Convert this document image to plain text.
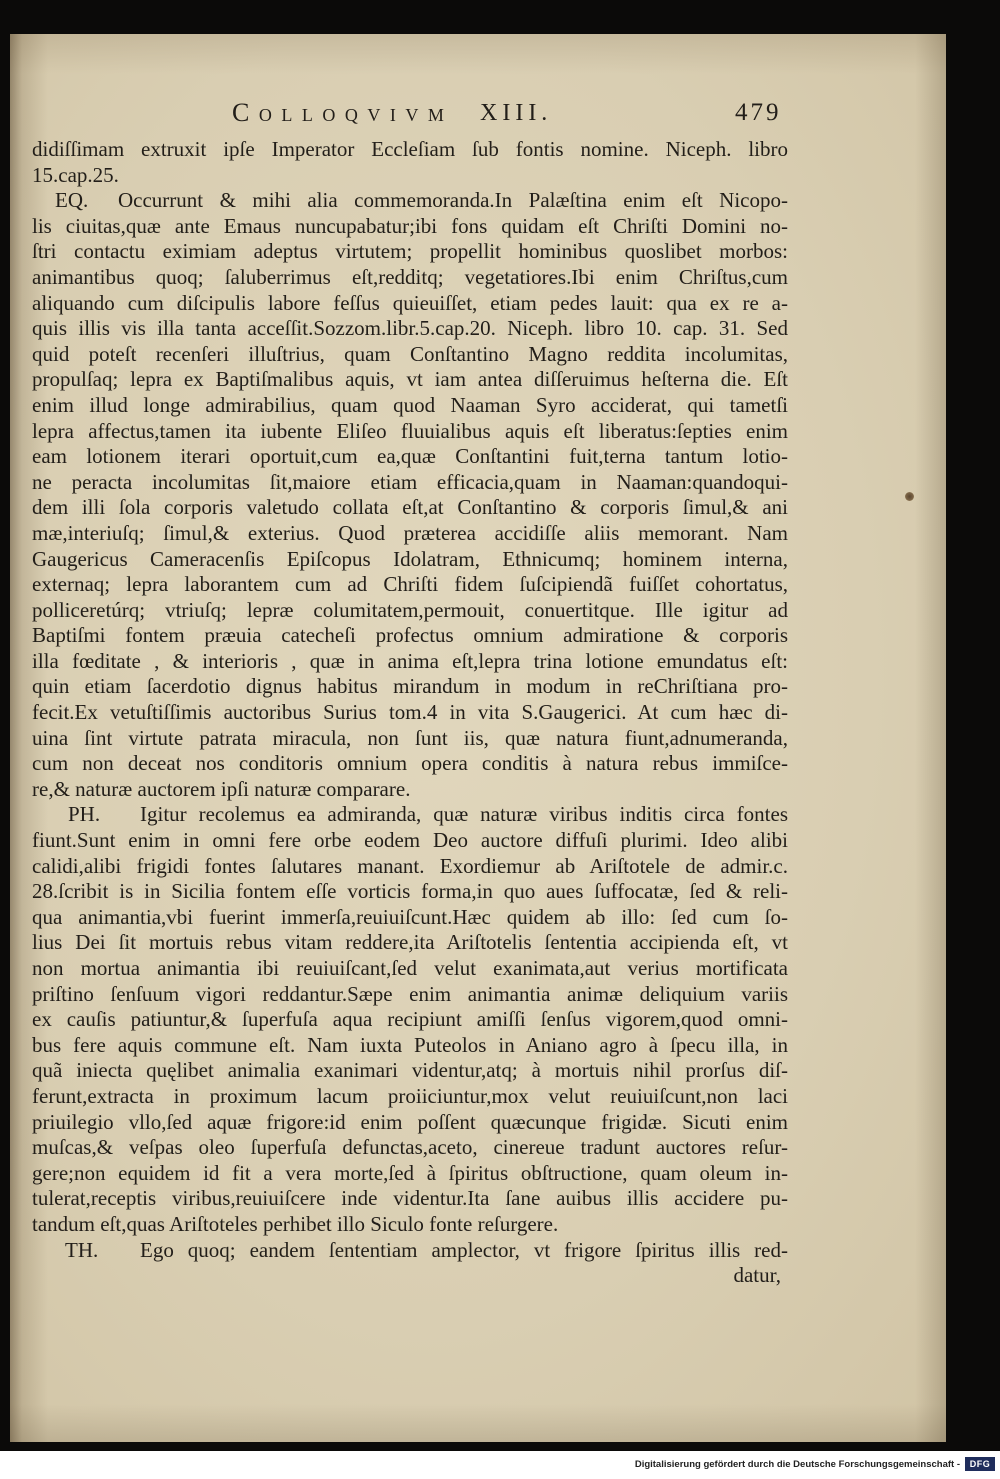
COLLOQVIVM XIII.	479
didiſſimam extruxit ipſe Imperator Eccleſiam ſub fontis nomine. Niceph. libro
15.cap.25.
EQ.	Occurrunt & mihi alia commemoranda.In Palæſtina enim eſt Nicopo-
lis ciuitas,quæ ante Emaus nuncupabatur;ibi fons quidam eſt Chriſti Domini no-
ſtri contactu eximiam adeptus virtutem; propellit hominibus quoslibet morbos:
animantibus quoq; ſaluberrimus eſt,redditq; vegetatiores.Ibi enim Chriſtus,cum
aliquando cum diſcipulis labore feſſus quieuiſſet, etiam pedes lauit: qua ex re a-
quis illis vis illa tanta acceſſit.Sozzom.libr.5.cap.20. Niceph. libro 10. cap. 31. Sed
quid poteſt recenſeri illuſtrius, quam Conſtantino Magno reddita incolumitas,
propulſaq; lepra ex Baptiſmalibus aquis, vt iam antea diſſeruimus heſterna die. Eſt
enim illud longe admirabilius, quam quod Naaman Syro acciderat, qui tametſi
lepra affectus,tamen ita iubente Eliſeo fluuialibus aquis eſt liberatus:ſepties enim
eam lotionem iterari oportuit,cum ea,quæ Conſtantini fuit,terna tantum lotio-
ne peracta incolumitas ſit,maiore etiam efficacia,quam in Naaman:quandoqui-
dem illi ſola corporis valetudo collata eſt,at Conſtantino & corporis ſimul,& ani
mæ,interiuſq; ſimul,& exterius. Quod præterea accidiſſe aliis memorant. Nam
Gaugericus Cameracenſis Epiſcopus Idolatram, Ethnicumq; hominem interna,
externaq; lepra laborantem cum ad Chriſti fidem ſuſcipiendã fuiſſet cohortatus,
polliceretúrq; vtriuſq; lepræ columitatem,permouit, conuertitque. Ille igitur ad
Baptiſmi fontem præuia catecheſi profectus omnium admiratione & corporis
illa fœditate , & interioris , quæ in anima eſt,lepra trina lotione emundatus eſt:
quin etiam ſacerdotio dignus habitus mirandum in modum in reChriſtiana pro-
fecit.Ex vetuſtiſſimis auctoribus Surius tom.4 in vita S.Gaugerici. At cum hæc di-
uina ſint virtute patrata miracula, non ſunt iis, quæ natura fiunt,adnumeranda,
cum non deceat nos conditoris omnium opera conditis à natura rebus immiſce-
re,& naturæ auctorem ipſi naturæ comparare.
PH.	Igitur recolemus ea admiranda, quæ naturæ viribus inditis circa fontes
fiunt.Sunt enim in omni fere orbe eodem Deo auctore diffuſi plurimi. Ideo alibi
calidi,alibi frigidi fontes ſalutares manant. Exordiemur ab Ariſtotele de admir.c.
28.ſcribit is in Sicilia fontem eſſe vorticis forma,in quo aues ſuffocatæ, ſed & reli-
qua animantia,vbi fuerint immerſa,reuiuiſcunt.Hæc quidem ab illo: ſed cum ſo-
lius Dei ſit mortuis rebus vitam reddere,ita Ariſtotelis ſententia accipienda eſt, vt
non mortua animantia ibi reuiuiſcant,ſed velut exanimata,aut verius mortificata
priſtino ſenſuum vigori reddantur.Sæpe enim animantia animæ deliquium variis
ex cauſis patiuntur,& ſuperfuſa aqua recipiunt amiſſi ſenſus vigorem,quod omni-
bus fere aquis commune eſt. Nam iuxta Puteolos in Aniano agro à ſpecu illa, in
quã iniecta quęlibet animalia exanimari videntur,atq; à mortuis nihil prorſus diſ-
ferunt,extracta in proximum lacum proiiciuntur,mox velut reuiuiſcunt,non laci
priuilegio vllo,ſed aquæ frigore:id enim poſſent quæcunque frigidæ. Sicuti enim
muſcas,& veſpas oleo ſuperfuſa defunctas,aceto, cinereue tradunt auctores reſur-
gere;non equidem id fit a vera morte,ſed à ſpiritus obſtructione, quam oleum in-
tulerat,receptis viribus,reuiuiſcere inde videntur.Ita ſane auibus illis accidere pu-
tandum eſt,quas Ariſtoteles perhibet illo Siculo fonte reſurgere.
TH.	Ego quoq; eandem ſententiam amplector, vt frigore ſpiritus illis red-
datur,
Digitalisierung gefördert durch die Deutsche Forschungsgemeinschaft -	DFG
